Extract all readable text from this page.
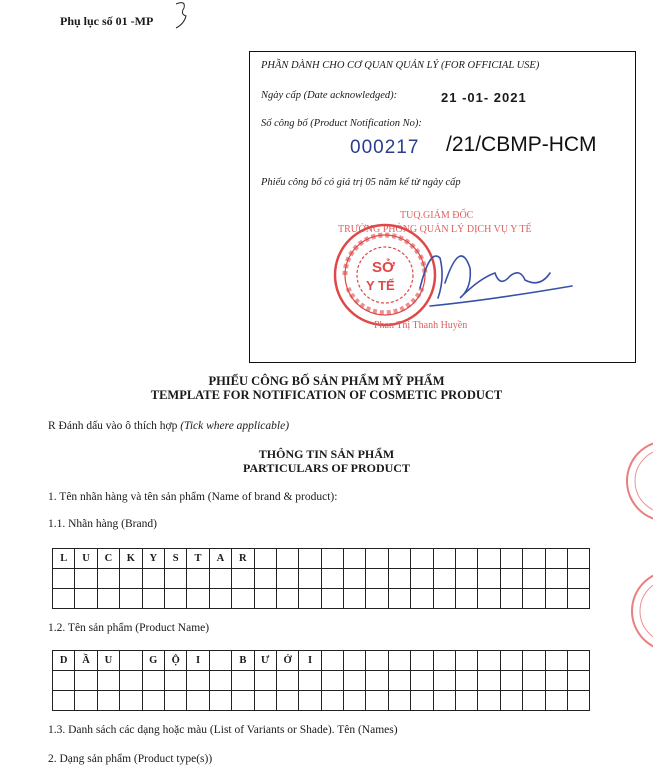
Phụ lục số 01 -MP
PHẦN DÀNH CHO CƠ QUAN QUẢN LÝ (FOR OFFICIAL USE)
Ngày cấp (Date acknowledged):	21 -01- 2021
Số công bố (Product Notification No):
000217 /21/CBMP-HCM
Phiếu công bố có giá trị 05 năm kể từ ngày cấp
TUQ.GIÁM ĐỐC
TRƯỞNG PHÒNG QUẢN LÝ DỊCH VỤ Y TẾ
SỞ
Y TẾ
Phan Thị Thanh Huyền
PHIẾU CÔNG BỐ SẢN PHẨM MỸ PHẨM
TEMPLATE FOR NOTIFICATION OF COSMETIC PRODUCT
R Đánh dấu vào ô thích hợp (Tick where applicable)
THÔNG TIN SẢN PHẨM
PARTICULARS OF PRODUCT
1. Tên nhãn hàng và tên sản phẩm (Name of brand & product):
1.1. Nhãn hàng (Brand)
L	U	C	K	Y	S	T	A	R															

1.2. Tên sản phẩm (Product Name)
D	Ầ	U		G	Ộ	I		B	Ư	Ở	I												

1.3. Danh sách các dạng hoặc màu (List of Variants or Shade). Tên (Names)
2. Dạng sản phẩm (Product type(s))
